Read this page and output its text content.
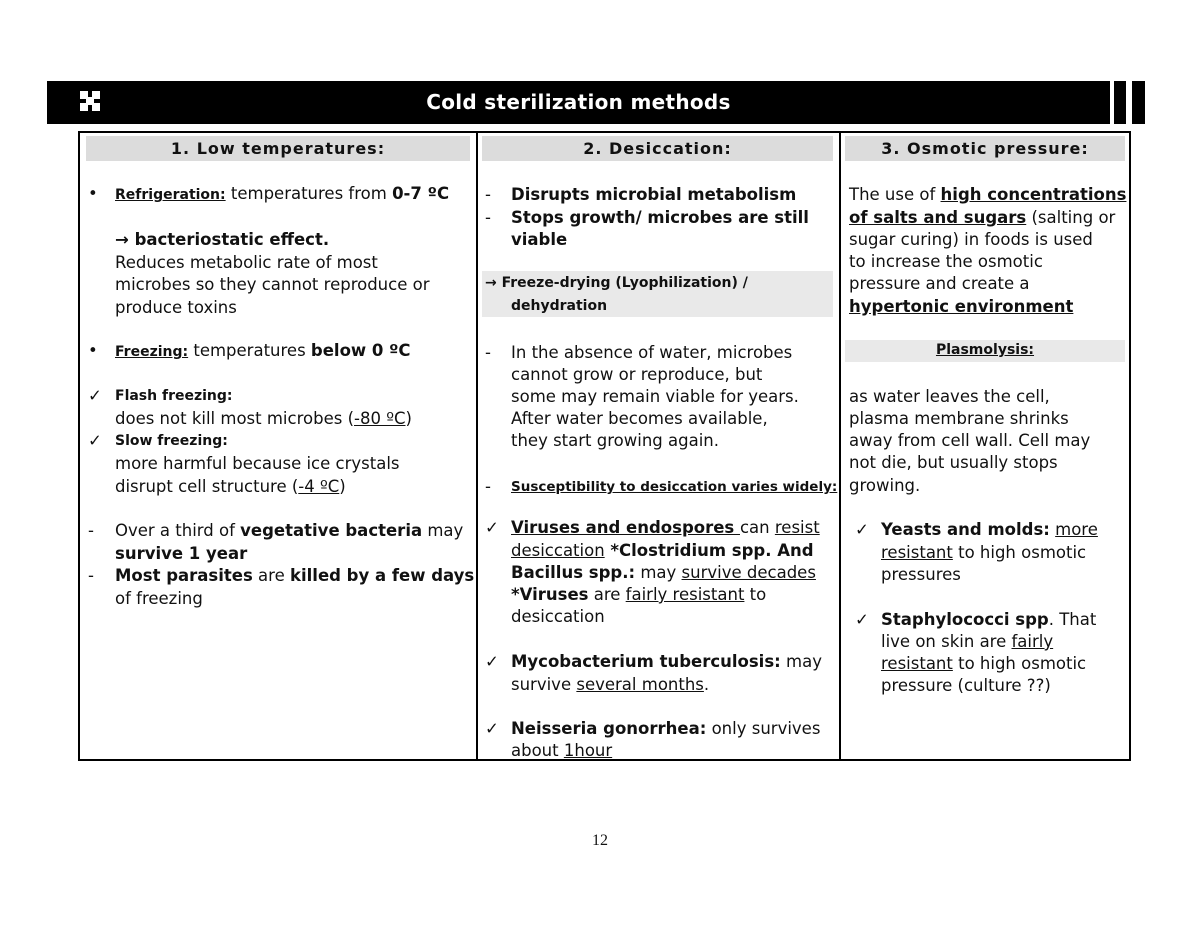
Cold sterilization methods
1. Low temperatures:
• Refrigeration: temperatures from 0-7 ºC
→ bacteriostatic effect.
Reduces metabolic rate of most
microbes so they cannot reproduce or
produce toxins
• Freezing: temperatures below 0 ºC
✓ Flash freezing:
does not kill most microbes (-80 ºC)
✓ Slow freezing:
more harmful because ice crystals
disrupt cell structure (-4 ºC)
- Over a third of vegetative bacteria may
survive 1 year
- Most parasites are killed by a few days
of freezing
2. Desiccation:
- Disrupts microbial metabolism
- Stops growth/ microbes are still
viable
→ Freeze-drying (Lyophilization) /
dehydration
- In the absence of water, microbes
cannot grow or reproduce, but
some may remain viable for years.
After water becomes available,
they start growing again.
- Susceptibility to desiccation varies widely:
✓ Viruses and endospores can resist
desiccation *Clostridium spp. And
Bacillus spp.: may survive decades
*Viruses are fairly resistant to
desiccation
✓ Mycobacterium tuberculosis: may
survive several months.
✓ Neisseria gonorrhea: only survives
about 1hour
3. Osmotic pressure:
The use of high concentrations
of salts and sugars (salting or
sugar curing) in foods is used
to increase the osmotic
pressure and create a
hypertonic environment
Plasmolysis:
as water leaves the cell,
plasma membrane shrinks
away from cell wall. Cell may
not die, but usually stops
growing.
✓ Yeasts and molds: more
resistant to high osmotic
pressures
✓ Staphylococci spp. That
live on skin are fairly
resistant to high osmotic
pressure (culture ??)
12
